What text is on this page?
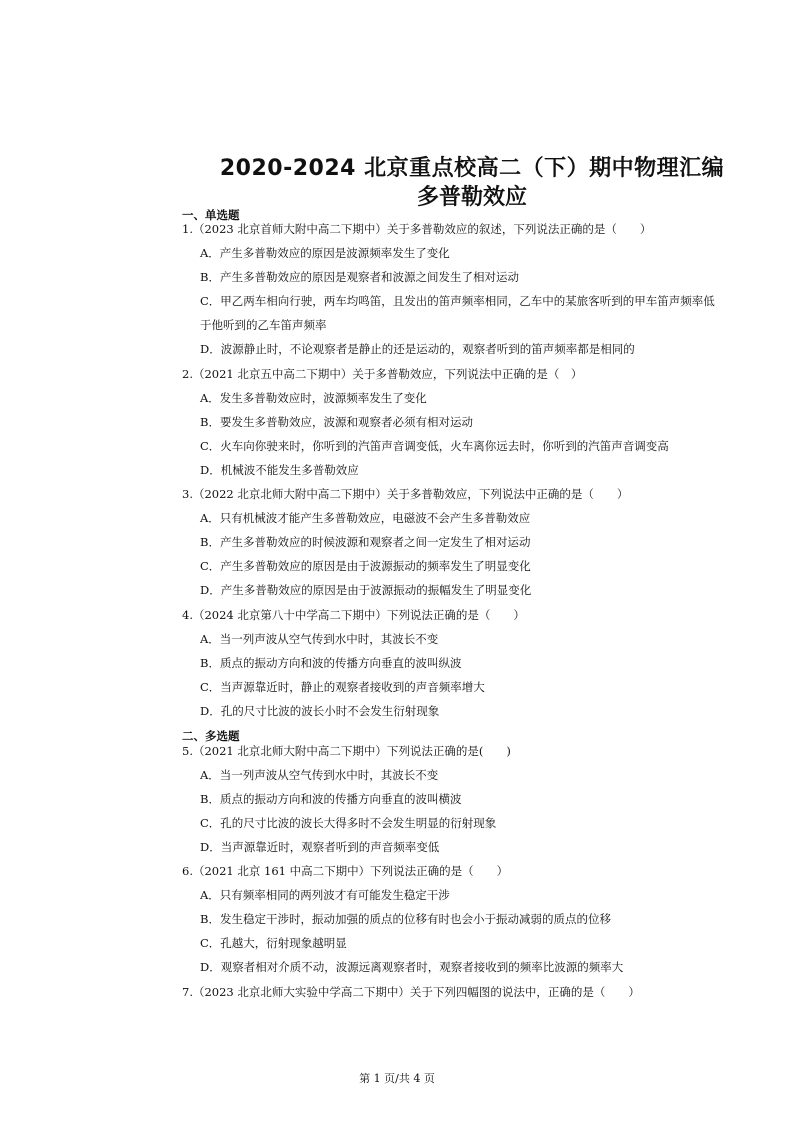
2020-2024 北京重点校高二（下）期中物理汇编
多普勒效应
一、单选题
1.（2023 北京首师大附中高二下期中）关于多普勒效应的叙述，下列说法正确的是（　　）
A．产生多普勒效应的原因是波源频率发生了变化
B．产生多普勒效应的原因是观察者和波源之间发生了相对运动
C．甲乙两车相向行驶，两车均鸣笛，且发出的笛声频率相同，乙车中的某旅客听到的甲车笛声频率低
于他听到的乙车笛声频率
D．波源静止时，不论观察者是静止的还是运动的，观察者听到的笛声频率都是相同的
2.（2021 北京五中高二下期中）关于多普勒效应，下列说法中正确的是（　）
A．发生多普勒效应时，波源频率发生了变化
B．要发生多普勒效应，波源和观察者必须有相对运动
C．火车向你驶来时，你听到的汽笛声音调变低，火车离你远去时，你听到的汽笛声音调变高
D．机械波不能发生多普勒效应
3.（2022 北京北师大附中高二下期中）关于多普勒效应，下列说法中正确的是（　　）
A．只有机械波才能产生多普勒效应，电磁波不会产生多普勒效应
B．产生多普勒效应的时候波源和观察者之间一定发生了相对运动
C．产生多普勒效应的原因是由于波源振动的频率发生了明显变化
D．产生多普勒效应的原因是由于波源振动的振幅发生了明显变化
4.（2024 北京第八十中学高二下期中）下列说法正确的是（　　）
A．当一列声波从空气传到水中时，其波长不变
B．质点的振动方向和波的传播方向垂直的波叫纵波
C．当声源靠近时，静止的观察者接收到的声音频率增大
D．孔的尺寸比波的波长小时不会发生衍射现象
二、多选题
5.（2021 北京北师大附中高二下期中）下列说法正确的是(　　)
A．当一列声波从空气传到水中时，其波长不变
B．质点的振动方向和波的传播方向垂直的波叫横波
C．孔的尺寸比波的波长大得多时不会发生明显的衍射现象
D．当声源靠近时，观察者听到的声音频率变低
6.（2021 北京 161 中高二下期中）下列说法正确的是（　　）
A．只有频率相同的两列波才有可能发生稳定干涉
B．发生稳定干涉时，振动加强的质点的位移有时也会小于振动减弱的质点的位移
C．孔越大，衍射现象越明显
D．观察者相对介质不动，波源远离观察者时，观察者接收到的频率比波源的频率大
7.（2023 北京北师大实验中学高二下期中）关于下列四幅图的说法中，正确的是（　　）
第 1 页/共 4 页
